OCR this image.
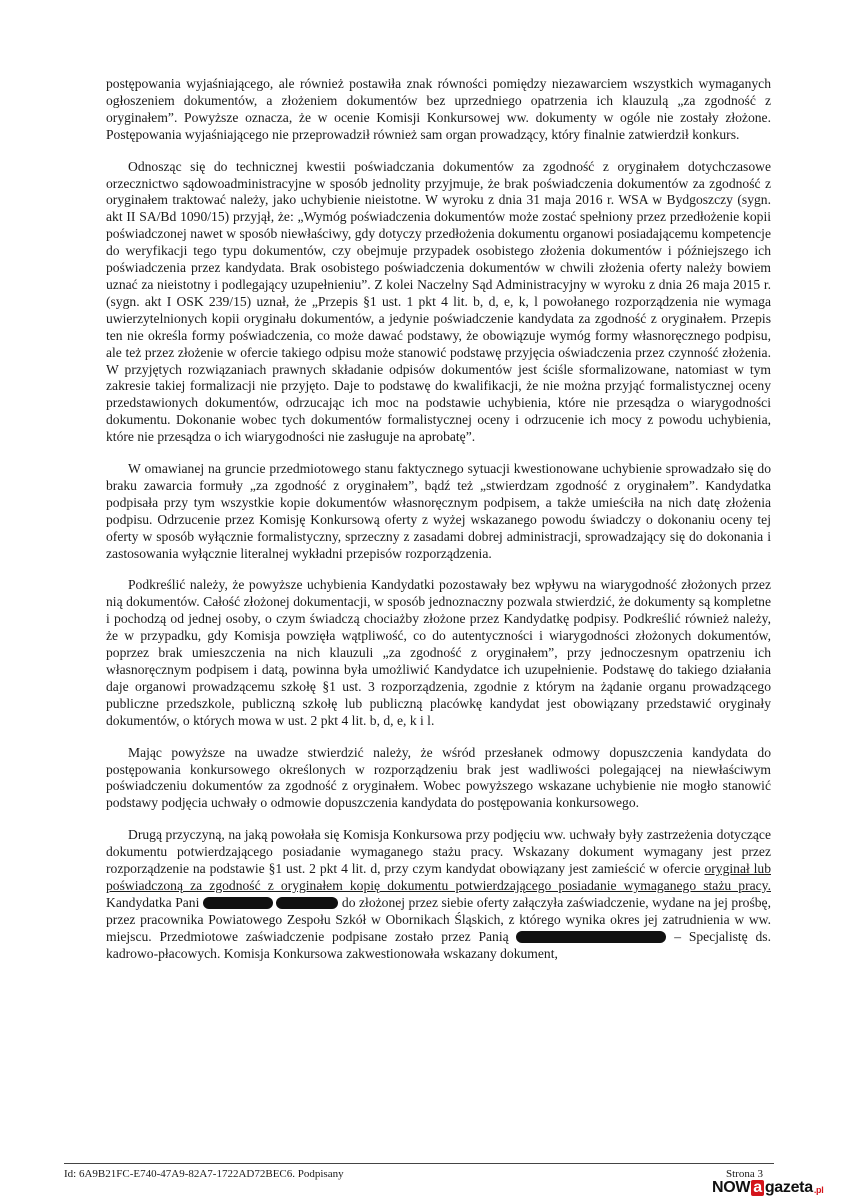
postępowania wyjaśniającego, ale również postawiła znak równości pomiędzy niezawarciem wszystkich wymaganych ogłoszeniem dokumentów, a złożeniem dokumentów bez uprzedniego opatrzenia ich klauzulą „za zgodność z oryginałem”. Powyższe oznacza, że w ocenie Komisji Konkursowej ww. dokumenty w ogóle nie zostały złożone. Postępowania wyjaśniającego nie przeprowadził również sam organ prowadzący, który finalnie zatwierdził konkurs.

Odnosząc się do technicznej kwestii poświadczania dokumentów za zgodność z oryginałem dotychczasowe orzecznictwo sądowoadministracyjne w sposób jednolity przyjmuje, że brak poświadczenia dokumentów za zgodność z oryginałem traktować należy, jako uchybienie nieistotne. W wyroku z dnia 31 maja 2016 r. WSA w Bydgoszczy (sygn. akt II SA/Bd 1090/15) przyjął, że: „Wymóg poświadczenia dokumentów może zostać spełniony przez przedłożenie kopii poświadczonej nawet w sposób niewłaściwy, gdy dotyczy przedłożenia dokumentu organowi posiadającemu kompetencje do weryfikacji tego typu dokumentów, czy obejmuje przypadek osobistego złożenia dokumentów i późniejszego ich poświadczenia przez kandydata. Brak osobistego poświadczenia dokumentów w chwili złożenia oferty należy bowiem uznać za nieistotny i podlegający uzupełnieniu”. Z kolei Naczelny Sąd Administracyjny w wyroku z dnia 26 maja 2015 r. (sygn. akt I OSK 239/15) uznał, że „Przepis §1 ust. 1 pkt 4 lit. b, d, e, k, l powołanego rozporządzenia nie wymaga uwierzytelnionych kopii oryginału dokumentów, a jedynie poświadczenie kandydata za zgodność z oryginałem. Przepis ten nie określa formy poświadczenia, co może dawać podstawy, że obowiązuje wymóg formy własnoręcznego podpisu, ale też przez złożenie w ofercie takiego odpisu może stanowić podstawę przyjęcia oświadczenia przez czynność złożenia. W przyjętych rozwiązaniach prawnych składanie odpisów dokumentów jest ściśle sformalizowane, natomiast w tym zakresie takiej formalizacji nie przyjęto. Daje to podstawę do kwalifikacji, że nie można przyjąć formalistycznej oceny przedstawionych dokumentów, odrzucając ich moc na podstawie uchybienia, które nie przesądza o wiarygodności dokumentu. Dokonanie wobec tych dokumentów formalistycznej oceny i odrzucenie ich mocy z powodu uchybienia, które nie przesądza o ich wiarygodności nie zasługuje na aprobatę”.

W omawianej na gruncie przedmiotowego stanu faktycznego sytuacji kwestionowane uchybienie sprowadzało się do braku zawarcia formuły „za zgodność z oryginałem”, bądź też „stwierdzam zgodność z oryginałem”. Kandydatka podpisała przy tym wszystkie kopie dokumentów własnoręcznym podpisem, a także umieściła na nich datę złożenia podpisu. Odrzucenie przez Komisję Konkursową oferty z wyżej wskazanego powodu świadczy o dokonaniu oceny tej oferty w sposób wyłącznie formalistyczny, sprzeczny z zasadami dobrej administracji, sprowadzający się do dokonania i zastosowania wyłącznie literalnej wykładni przepisów rozporządzenia.

Podkreślić należy, że powyższe uchybienia Kandydatki pozostawały bez wpływu na wiarygodność złożonych przez nią dokumentów. Całość złożonej dokumentacji, w sposób jednoznaczny pozwala stwierdzić, że dokumenty są kompletne i pochodzą od jednej osoby, o czym świadczą chociażby złożone przez Kandydatkę podpisy. Podkreślić również należy, że w przypadku, gdy Komisja powzięła wątpliwość, co do autentyczności i wiarygodności złożonych dokumentów, poprzez brak umieszczenia na nich klauzuli „za zgodność z oryginałem”, przy jednoczesnym opatrzeniu ich własnoręcznym podpisem i datą, powinna była umożliwić Kandydatce ich uzupełnienie. Podstawę do takiego działania daje organowi prowadzącemu szkołę §1 ust. 3 rozporządzenia, zgodnie z którym na żądanie organu prowadzącego publiczne przedszkole, publiczną szkołę lub publiczną placówkę kandydat jest obowiązany przedstawić oryginały dokumentów, o których mowa w ust. 2 pkt 4 lit. b, d, e, k i l.

Mając powyższe na uwadze stwierdzić należy, że wśród przesłanek odmowy dopuszczenia kandydata do postępowania konkursowego określonych w rozporządzeniu brak jest wadliwości polegającej na niewłaściwym poświadczeniu dokumentów za zgodność z oryginałem. Wobec powyższego wskazane uchybienie nie mogło stanowić podstawy podjęcia uchwały o odmowie dopuszczenia kandydata do postępowania konkursowego.

Drugą przyczyną, na jaką powołała się Komisja Konkursowa przy podjęciu ww. uchwały były zastrzeżenia dotyczące dokumentu potwierdzającego posiadanie wymaganego stażu pracy. Wskazany dokument wymagany jest przez rozporządzenie na podstawie §1 ust. 2 pkt 4 lit. d, przy czym kandydat obowiązany jest zamieścić w ofercie oryginał lub poświadczoną za zgodność z oryginałem kopię dokumentu potwierdzającego posiadanie wymaganego stażu pracy. Kandydatka Pani	do złożonej przez siebie oferty załączyła zaświadczenie, wydane na jej prośbę, przez pracownika Powiatowego Zespołu Szkół w Obornikach Śląskich, z którego wynika okres jej zatrudnienia w ww. miejscu. Przedmiotowe zaświadczenie podpisane zostało przez Panią	– Specjalistę ds. kadrowo-płacowych. Komisja Konkursowa zakwestionowała wskazany dokument,

Id: 6A9B21FC-E740-47A9-82A7-1722AD72BEC6. Podpisany	Strona 3
NOW a gazeta .pl
